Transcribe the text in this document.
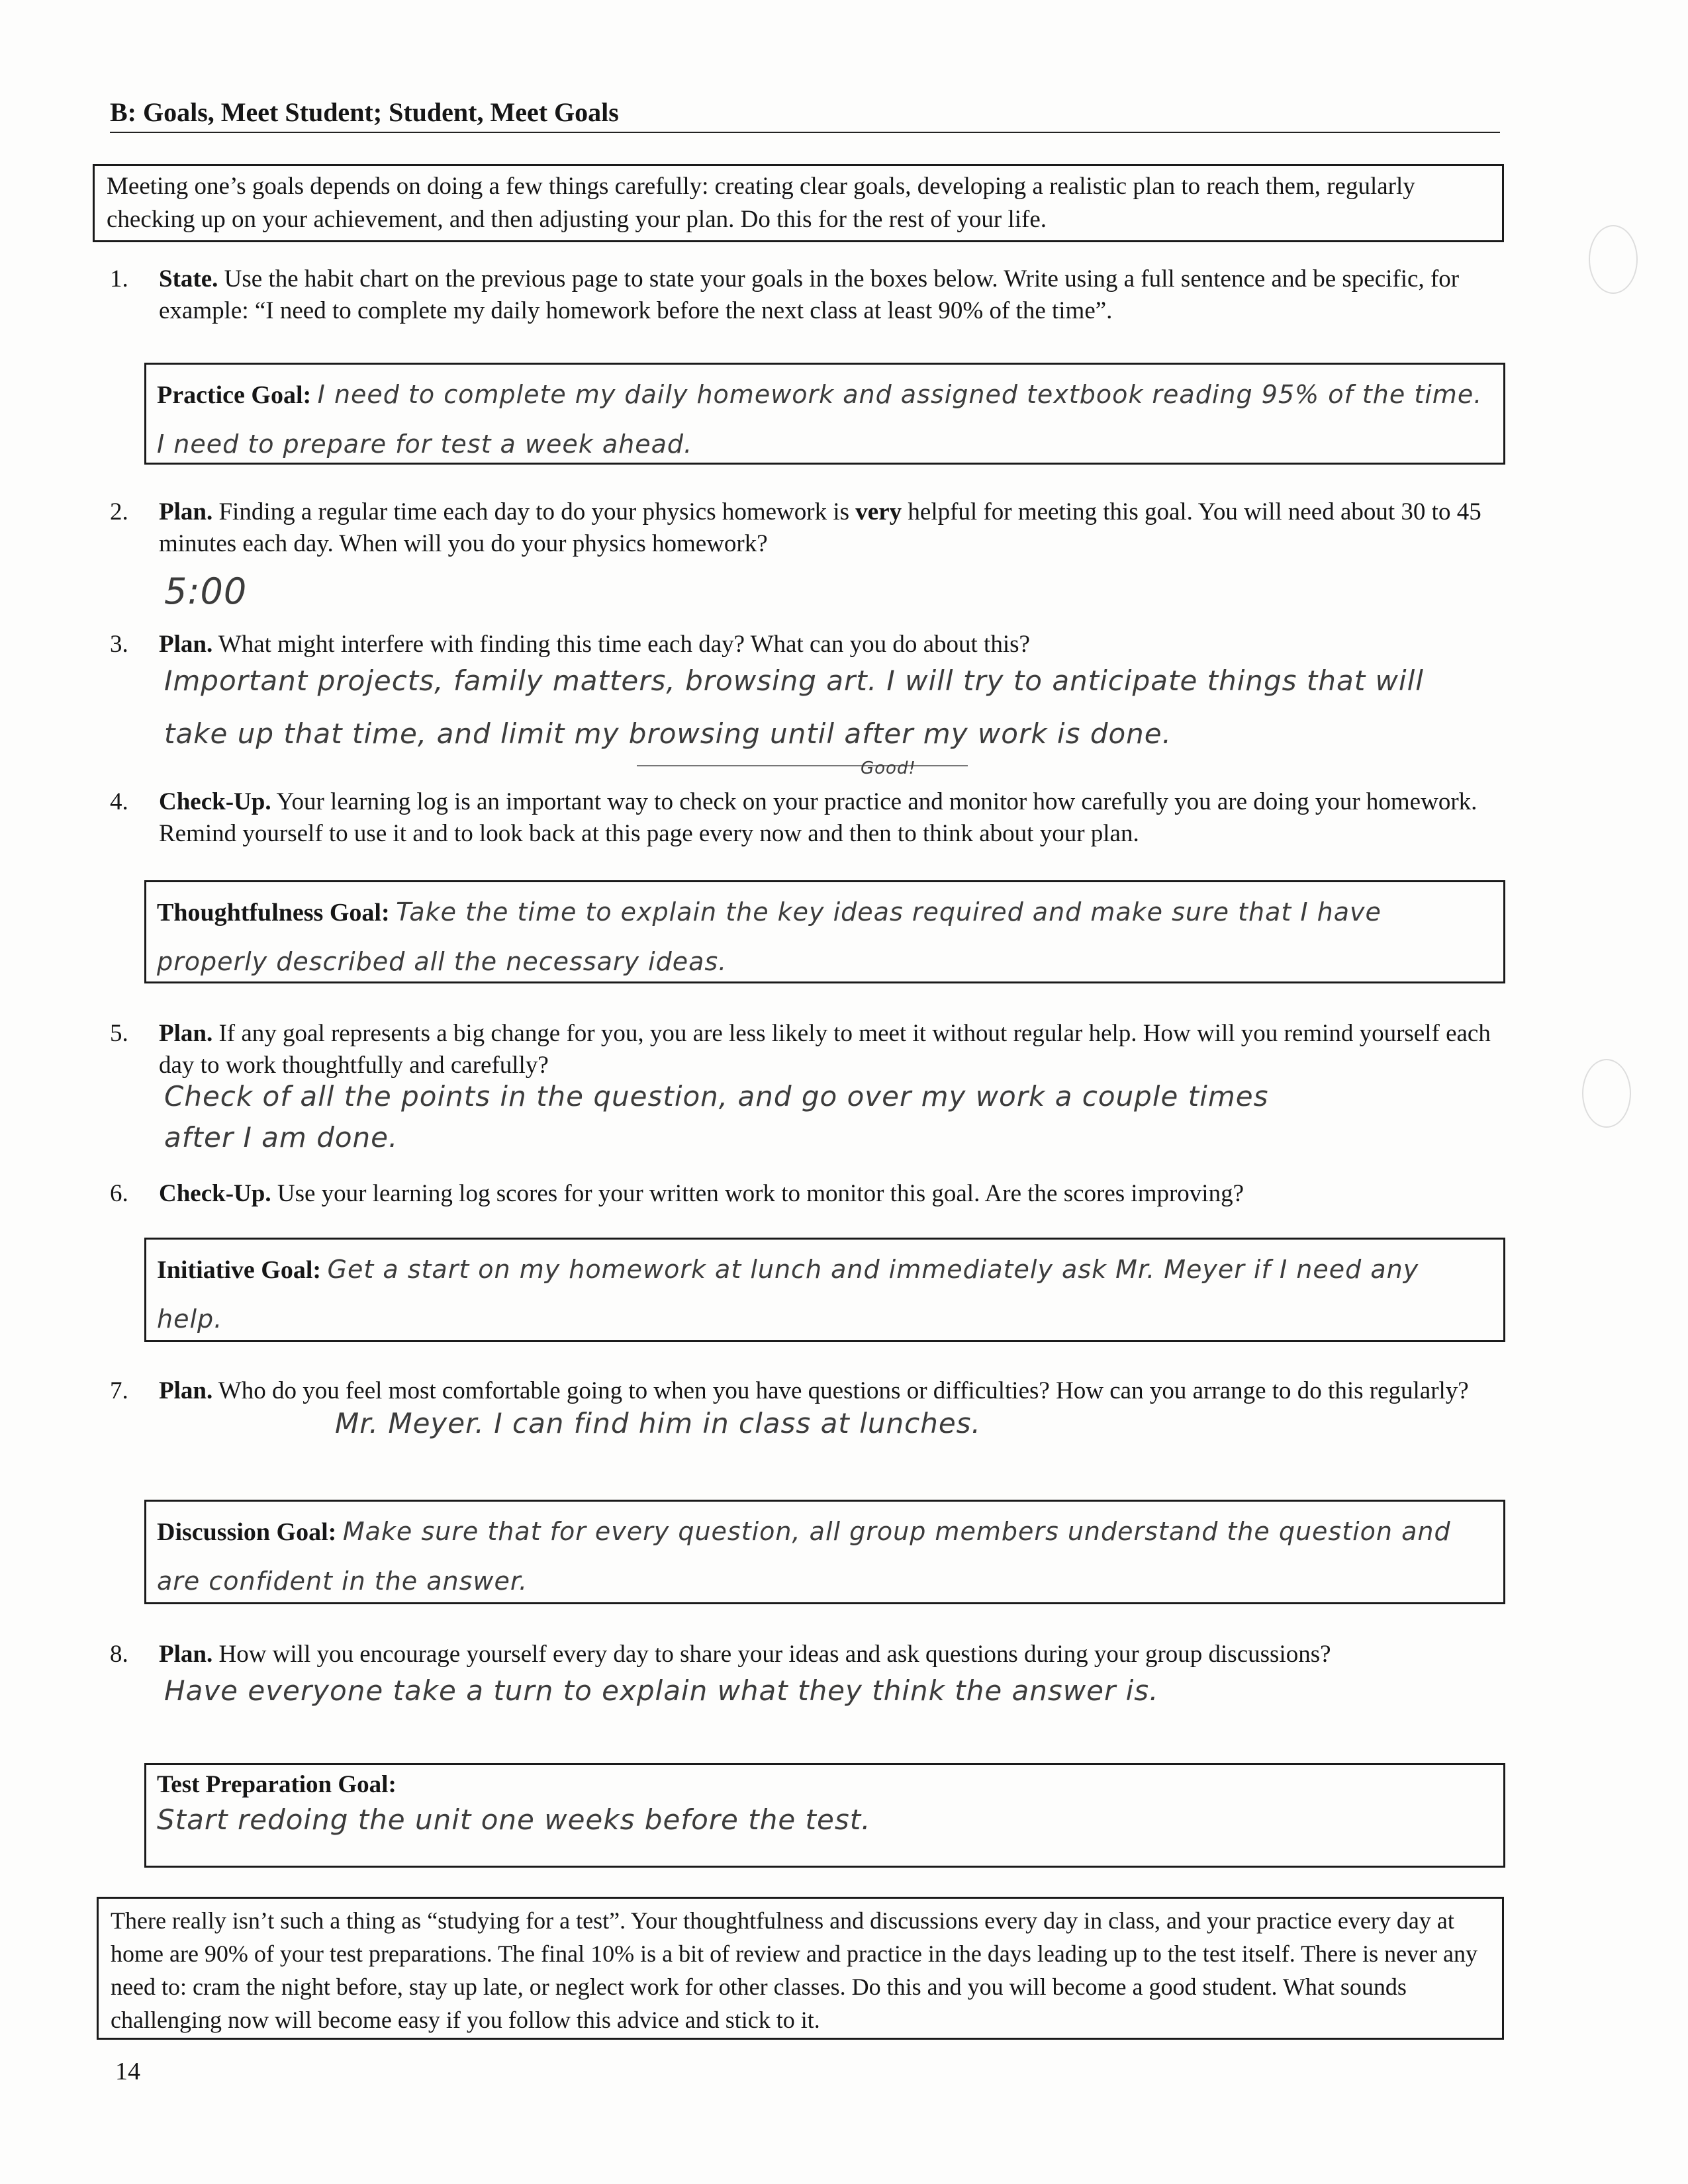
B: Goals, Meet Student; Student, Meet Goals
Meeting one’s goals depends on doing a few things carefully: creating clear goals, developing a realistic plan to reach them, regularly checking up on your achievement, and then adjusting your plan. Do this for the rest of your life.
1.	State. Use the habit chart on the previous page to state your goals in the boxes below. Write using a full sentence and be specific, for example: “I need to complete my daily homework before the next class at least 90% of the time”.
Practice Goal: I need to complete my daily homework and assigned textbook reading 95% of the time. I need to prepare for test a week ahead.
2.	Plan. Finding a regular time each day to do your physics homework is very helpful for meeting this goal. You will need about 30 to 45 minutes each day. When will you do your physics homework?
5:00
3.	Plan. What might interfere with finding this time each day? What can you do about this?
Important projects, family matters, browsing art. I will try to anticipate things that will
take up that time, and limit my browsing until after my work is done.
Good!
4.	Check-Up. Your learning log is an important way to check on your practice and monitor how carefully you are doing your homework. Remind yourself to use it and to look back at this page every now and then to think about your plan.
Thoughtfulness Goal: Take the time to explain the key ideas required and make sure that I have properly described all the necessary ideas.
5.	Plan. If any goal represents a big change for you, you are less likely to meet it without regular help. How will you remind yourself each day to work thoughtfully and carefully?
Check of all the points in the question, and go over my work a couple times
after I am done.
6.	Check-Up. Use your learning log scores for your written work to monitor this goal. Are the scores improving?
Initiative Goal: Get a start on my homework at lunch and immediately ask Mr. Meyer if I need any help.
7.	Plan. Who do you feel most comfortable going to when you have questions or difficulties? How can you arrange to do this regularly?
Mr. Meyer. I can find him in class at lunches.
Discussion Goal: Make sure that for every question, all group members understand the question and are confident in the answer.
8.	Plan. How will you encourage yourself every day to share your ideas and ask questions during your group discussions?
Have everyone take a turn to explain what they think the answer is.
Test Preparation Goal:
Start redoing the unit one weeks before the test.
There really isn’t such a thing as “studying for a test”. Your thoughtfulness and discussions every day in class, and your practice every day at home are 90% of your test preparations. The final 10% is a bit of review and practice in the days leading up to the test itself. There is never any need to: cram the night before, stay up late, or neglect work for other classes. Do this and you will become a good student. What sounds challenging now will become easy if you follow this advice and stick to it.
14
